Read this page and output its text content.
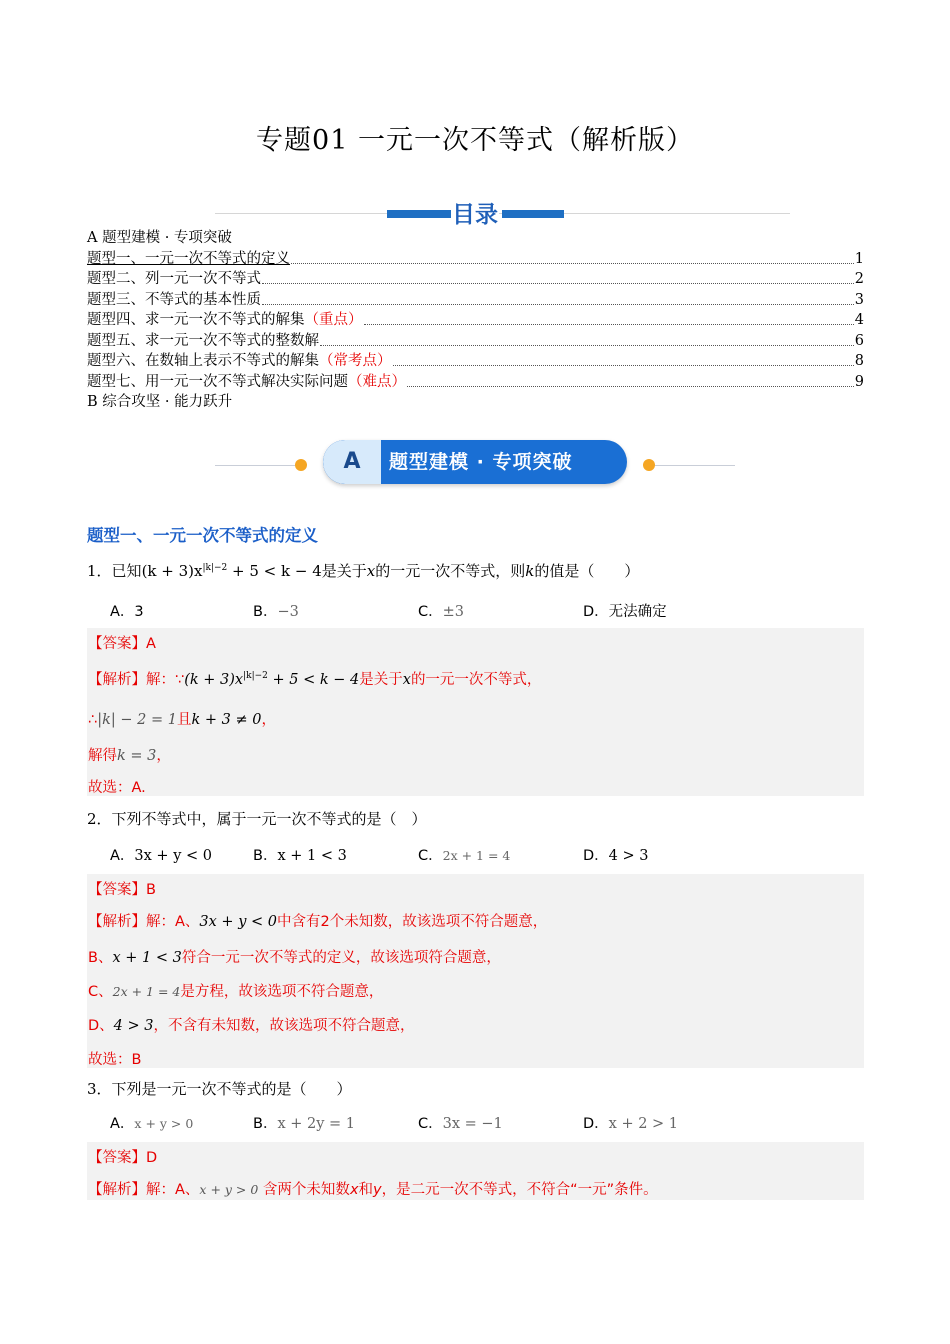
专题01 一元一次不等式（解析版）
目录
A 题型建模 · 专项突破
题型一、一元一次不等式的定义	1
题型二、列一元一次不等式	2
题型三、不等式的基本性质	3
题型四、求一元一次不等式的解集 （重点）	4
题型五、求一元一次不等式的整数解	6
题型六、在数轴上表示不等式的解集 （常考点）	8
题型七、用一元一次不等式解决实际问题 （难点）	9
B 综合攻坚 · 能力跃升
A	题型建模 · 专项突破
题型一、一元一次不等式的定义
1．已知$(k + 3)x^{|k|-2} + 5 < k - 4$是关于x的一元一次不等式，则k的值是（　　）
A．3	B．−3	C．±3	D．无法确定
【答案】A
【解析】解：∵(k + $3)x^{|k|-2} + 5 < k - 4$是关于x的一元一次不等式，
∴|k| − 2 = 1且k + 3 ≠ 0，
解得k = 3，
故选：A.
2．下列不等式中，属于一元一次不等式的是（　）
A．3x + y < 0	B．x + 1 < 3	C．2x + 1 = 4	D．4 > 3
【答案】B
【解析】解：A、3x + y < 0中含有2个未知数，故该选项不符合题意，
B、x + 1 < 3符合一元一次不等式的定义，故该选项符合题意，
C、2x + 1 = 4是方程，故该选项不符合题意，
D、4 > 3，不含有未知数，故该选项不符合题意，
故选：B
3．下列是一元一次不等式的是（　　）
A．x + y > 0	B．x + 2y = 1	C．3x = −1	D．x + 2 > 1
【答案】D
【解析】解：A、x + y > 0 含两个未知数x和y，是二元一次不等式，不符合“一元”条件。
